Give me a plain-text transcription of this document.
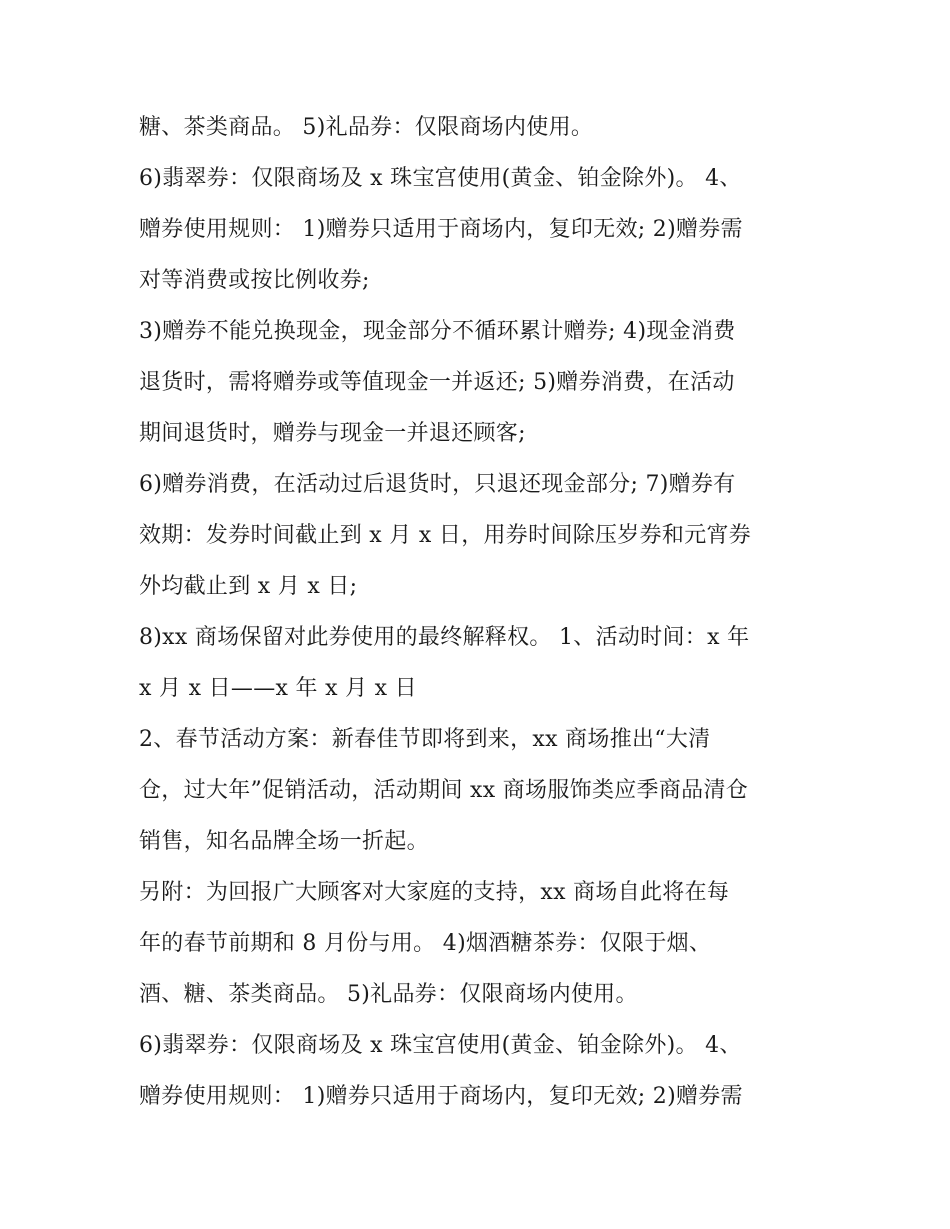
糖、茶类商品。 5)礼品券：仅限商场内使用。
6)翡翠券：仅限商场及 x 珠宝宫使用(黄金、铂金除外)。 4、
赠券使用规则： 1)赠券只适用于商场内，复印无效; 2)赠券需
对等消费或按比例收券;
3)赠券不能兑换现金，现金部分不循环累计赠券; 4)现金消费
退货时，需将赠券或等值现金一并返还; 5)赠券消费，在活动
期间退货时，赠券与现金一并退还顾客;
6)赠券消费，在活动过后退货时，只退还现金部分; 7)赠券有
效期：发券时间截止到 x 月 x 日，用券时间除压岁券和元宵券
外均截止到 x 月 x 日;
8)xx 商场保留对此券使用的最终解释权。 1、活动时间：x 年
x 月 x 日——x 年 x 月 x 日
2、春节活动方案：新春佳节即将到来，xx 商场推出“大清
仓，过大年”促销活动，活动期间 xx 商场服饰类应季商品清仓
销售，知名品牌全场一折起。
另附：为回报广大顾客对大家庭的支持，xx 商场自此将在每
年的春节前期和 8 月份与用。 4)烟酒糖茶券：仅限于烟、
酒、糖、茶类商品。 5)礼品券：仅限商场内使用。
6)翡翠券：仅限商场及 x 珠宝宫使用(黄金、铂金除外)。 4、
赠券使用规则： 1)赠券只适用于商场内，复印无效; 2)赠券需
